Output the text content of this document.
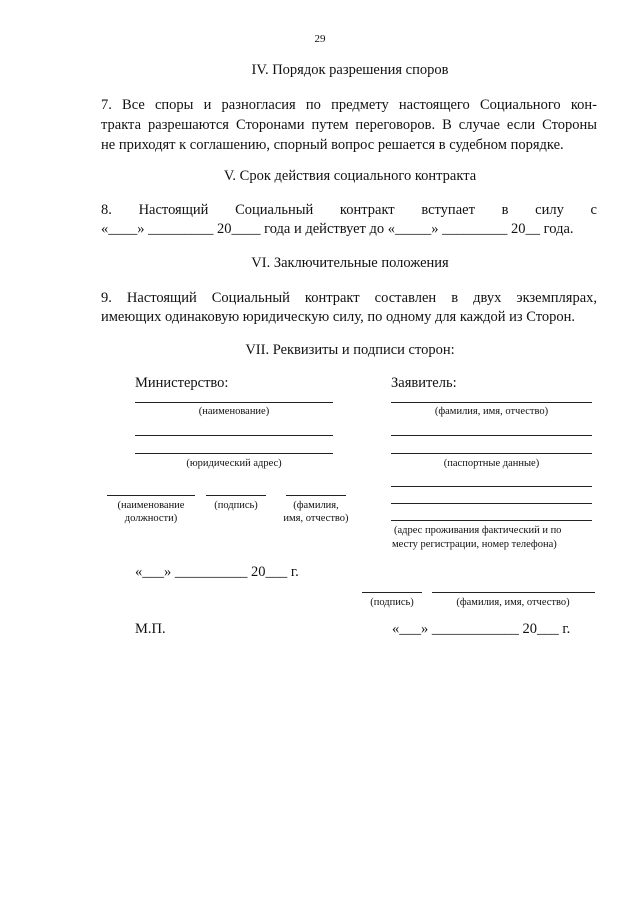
29
IV. Порядок разрешения споров
7. Все споры и разногласия по предмету настоящего Социального кон-
тракта разрешаются Сторонами путем переговоров. В случае если Стороны
не приходят к соглашению, спорный вопрос решается в судебном порядке.
V. Срок действия социального контракта
8. Настоящий Социальный контракт вступает в силу с
«____» _________ 20____ года и действует до «_____» _________ 20__ года.
VI. Заключительные положения
9. Настоящий Социальный контракт составлен в двух экземплярах,
имеющих одинаковую юридическую силу, по одному для каждой из Сторон.
VII. Реквизиты и подписи сторон:
Министерство:
(наименование)
(юридический адрес)
(наименование
должности)
(подпись)	(фамилия,
имя, отчество)
«___» __________ 20___ г.
М.П.
Заявитель:
(фамилия, имя, отчество)
(паспортные данные)
(адрес проживания фактический и по
месту регистрации, номер телефона)
(подпись)	(фамилия, имя, отчество)
«___» ____________ 20___ г.
